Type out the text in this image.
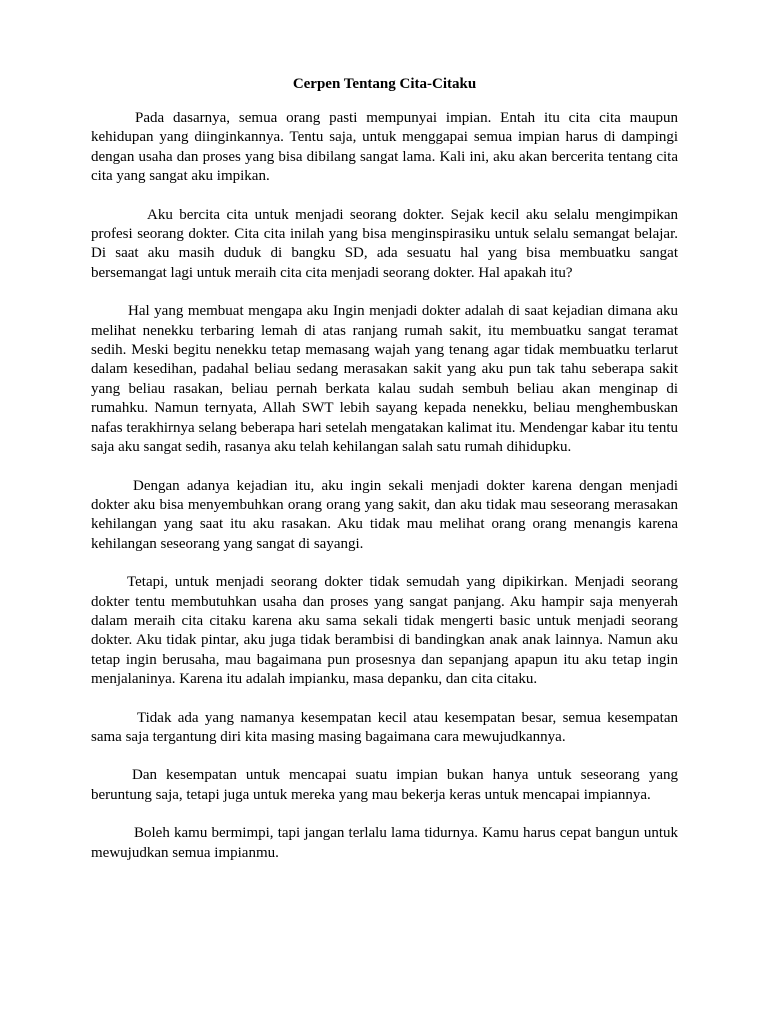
Cerpen Tentang Cita-Citaku

Pada dasarnya, semua orang pasti mempunyai impian. Entah itu cita cita maupun kehidupan yang diinginkannya. Tentu saja, untuk menggapai semua impian harus di dampingi dengan usaha dan proses yang bisa dibilang sangat lama. Kali ini, aku akan bercerita tentang cita cita yang sangat aku impikan.

Aku bercita cita untuk menjadi seorang dokter. Sejak kecil aku selalu mengimpikan profesi seorang dokter. Cita cita inilah yang bisa menginspirasiku untuk selalu semangat belajar. Di saat aku masih duduk di bangku SD, ada sesuatu hal yang bisa membuatku sangat bersemangat lagi untuk meraih cita cita menjadi seorang dokter. Hal apakah itu?

Hal yang membuat mengapa aku Ingin menjadi dokter adalah di saat kejadian dimana aku melihat nenekku terbaring lemah di atas ranjang rumah sakit, itu membuatku sangat teramat sedih. Meski begitu nenekku tetap memasang wajah yang tenang agar tidak membuatku terlarut dalam kesedihan, padahal beliau sedang merasakan sakit yang aku pun tak tahu seberapa sakit yang beliau rasakan, beliau pernah berkata kalau sudah sembuh beliau akan menginap di rumahku. Namun ternyata, Allah SWT lebih sayang kepada nenekku, beliau menghembuskan nafas terakhirnya selang beberapa hari setelah mengatakan kalimat itu. Mendengar kabar itu tentu saja aku sangat sedih, rasanya aku telah kehilangan salah satu rumah dihidupku.

Dengan adanya kejadian itu, aku ingin sekali menjadi dokter karena dengan menjadi dokter aku bisa menyembuhkan orang orang yang sakit, dan aku tidak mau seseorang merasakan kehilangan yang saat itu aku rasakan. Aku tidak mau melihat orang orang menangis karena kehilangan seseorang yang sangat di sayangi.

Tetapi, untuk menjadi seorang dokter tidak semudah yang dipikirkan. Menjadi seorang dokter tentu membutuhkan usaha dan proses yang sangat panjang. Aku hampir saja menyerah dalam meraih cita citaku karena aku sama sekali tidak mengerti basic untuk menjadi seorang dokter. Aku tidak pintar, aku juga tidak berambisi di bandingkan anak anak lainnya. Namun aku tetap ingin berusaha, mau bagaimana pun prosesnya dan sepanjang apapun itu aku tetap ingin menjalaninya. Karena itu adalah impianku, masa depanku, dan cita citaku.

Tidak ada yang namanya kesempatan kecil atau kesempatan besar, semua kesempatan sama saja tergantung diri kita masing masing bagaimana cara mewujudkannya.

Dan kesempatan untuk mencapai suatu impian bukan hanya untuk seseorang yang beruntung saja, tetapi juga untuk mereka yang mau bekerja keras untuk mencapai impiannya.

Boleh kamu bermimpi, tapi jangan terlalu lama tidurnya. Kamu harus cepat bangun untuk mewujudkan semua impianmu.
